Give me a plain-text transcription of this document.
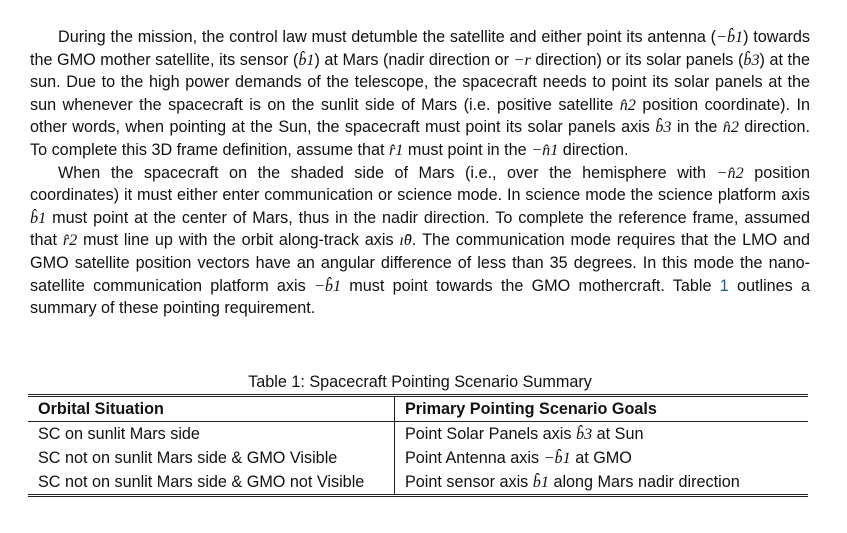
During the mission, the control law must detumble the satellite and either point its antenna (−b̂1) towards the GMO mother satellite, its sensor (b̂1) at Mars (nadir direction or −r direction) or its solar panels (b̂3) at the sun. Due to the high power demands of the telescope, the spacecraft needs to point its solar panels at the sun whenever the spacecraft is on the sunlit side of Mars (i.e. positive satellite n̂2 position coordinate). In other words, when pointing at the Sun, the spacecraft must point its solar panels axis b̂3 in the n̂2 direction. To complete this 3D frame definition, assume that r̂1 must point in the −n̂1 direction.

When the spacecraft on the shaded side of Mars (i.e., over the hemisphere with −n̂2 position coordinates) it must either enter communication or science mode. In science mode the science platform axis b̂1 must point at the center of Mars, thus in the nadir direction. To complete the reference frame, assumed that r̂2 must line up with the orbit along-track axis ı̂θ. The communication mode requires that the LMO and GMO satellite position vectors have an angular difference of less than 35 degrees. In this mode the nano-satellite communication platform axis −b̂1 must point towards the GMO mothercraft. Table 1 outlines a summary of these pointing requirement.

Table 1: Spacecraft Pointing Scenario Summary
Orbital Situation	Primary Pointing Scenario Goals
SC on sunlit Mars side	Point Solar Panels axis b̂3 at Sun
SC not on sunlit Mars side & GMO Visible	Point Antenna axis −b̂1 at GMO
SC not on sunlit Mars side & GMO not Visible	Point sensor axis b̂1 along Mars nadir direction
